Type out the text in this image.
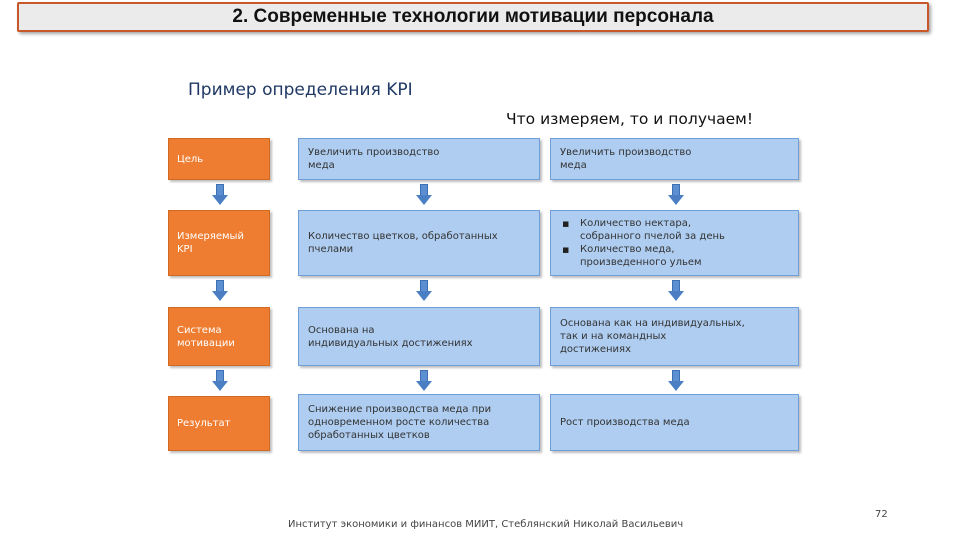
2. Современные технологии мотивации персонала
Пример определения KPI
Что измеряем, то и получаем!
Цель
Увеличить производство
меда
Увеличить производство
меда
Измеряемый
KPI
Количество цветков, обработанных
пчелами
▪ Количество нектара,
собранного пчелой за день
▪ Количество меда,
произведенного ульем
Система
мотивации
Основана на
индивидуальных достижениях
Основана как на индивидуальных,
так и на командных
достижениях
Результат
Снижение производства меда при
одновременном росте количества
обработанных цветков
Рост производства меда
Институт экономики и финансов МИИТ, Стеблянский Николай Васильевич
72
